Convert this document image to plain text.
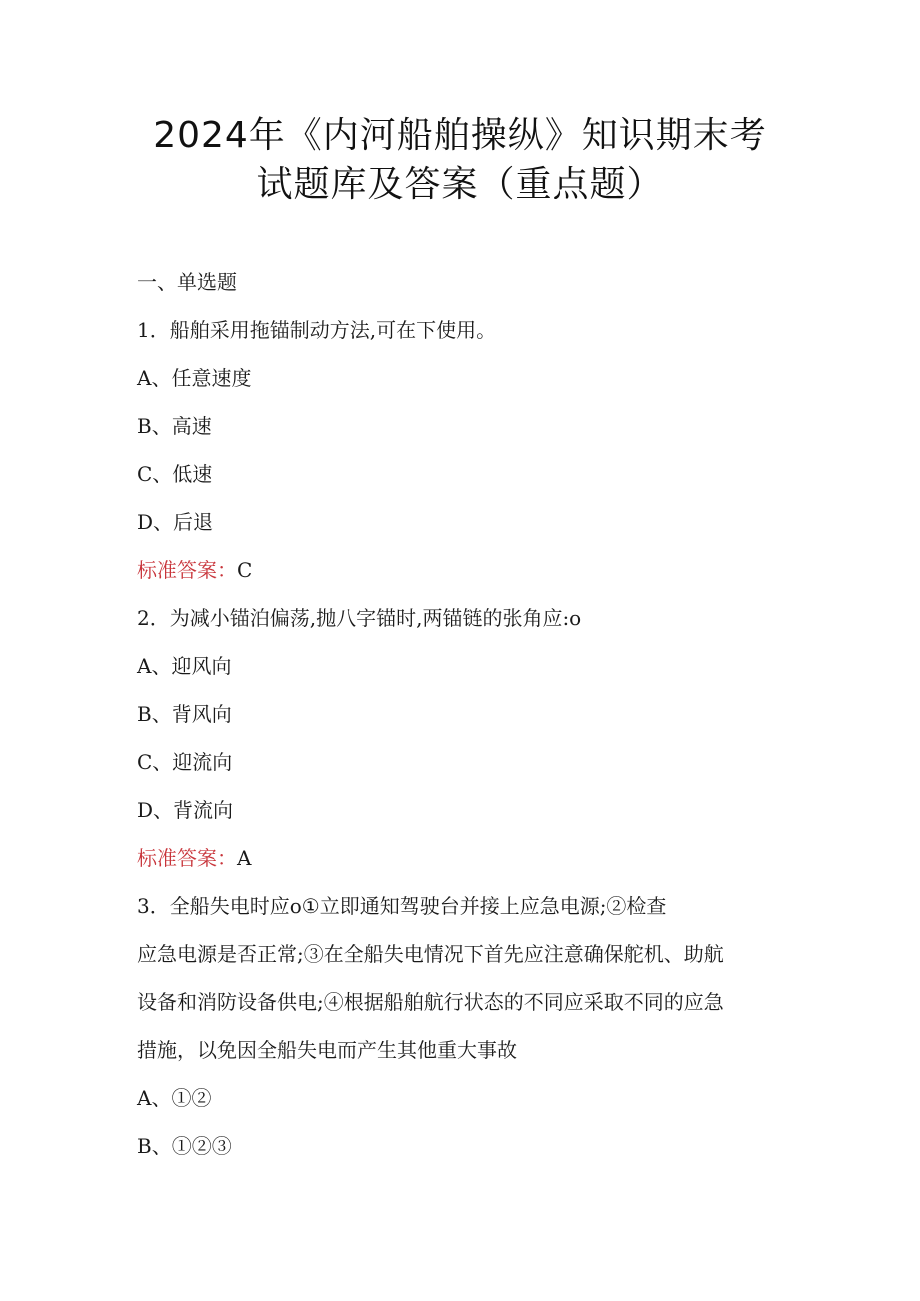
2024年《内河船舶操纵》知识期末考
试题库及答案（重点题）
一、单选题
1．船舶采用拖锚制动方法,可在下使用。
A、任意速度
B、高速
C、低速
D、后退
标准答案：C
2．为减小锚泊偏荡,抛八字锚时,两锚链的张角应:o
A、迎风向
B、背风向
C、迎流向
D、背流向
标准答案：A
3．全船失电时应o①立即通知驾驶台并接上应急电源;②检查
应急电源是否正常;③在全船失电情况下首先应注意确保舵机、助航
设备和消防设备供电;④根据船舶航行状态的不同应采取不同的应急
措施，以免因全船失电而产生其他重大事故
A、①②
B、①②③
